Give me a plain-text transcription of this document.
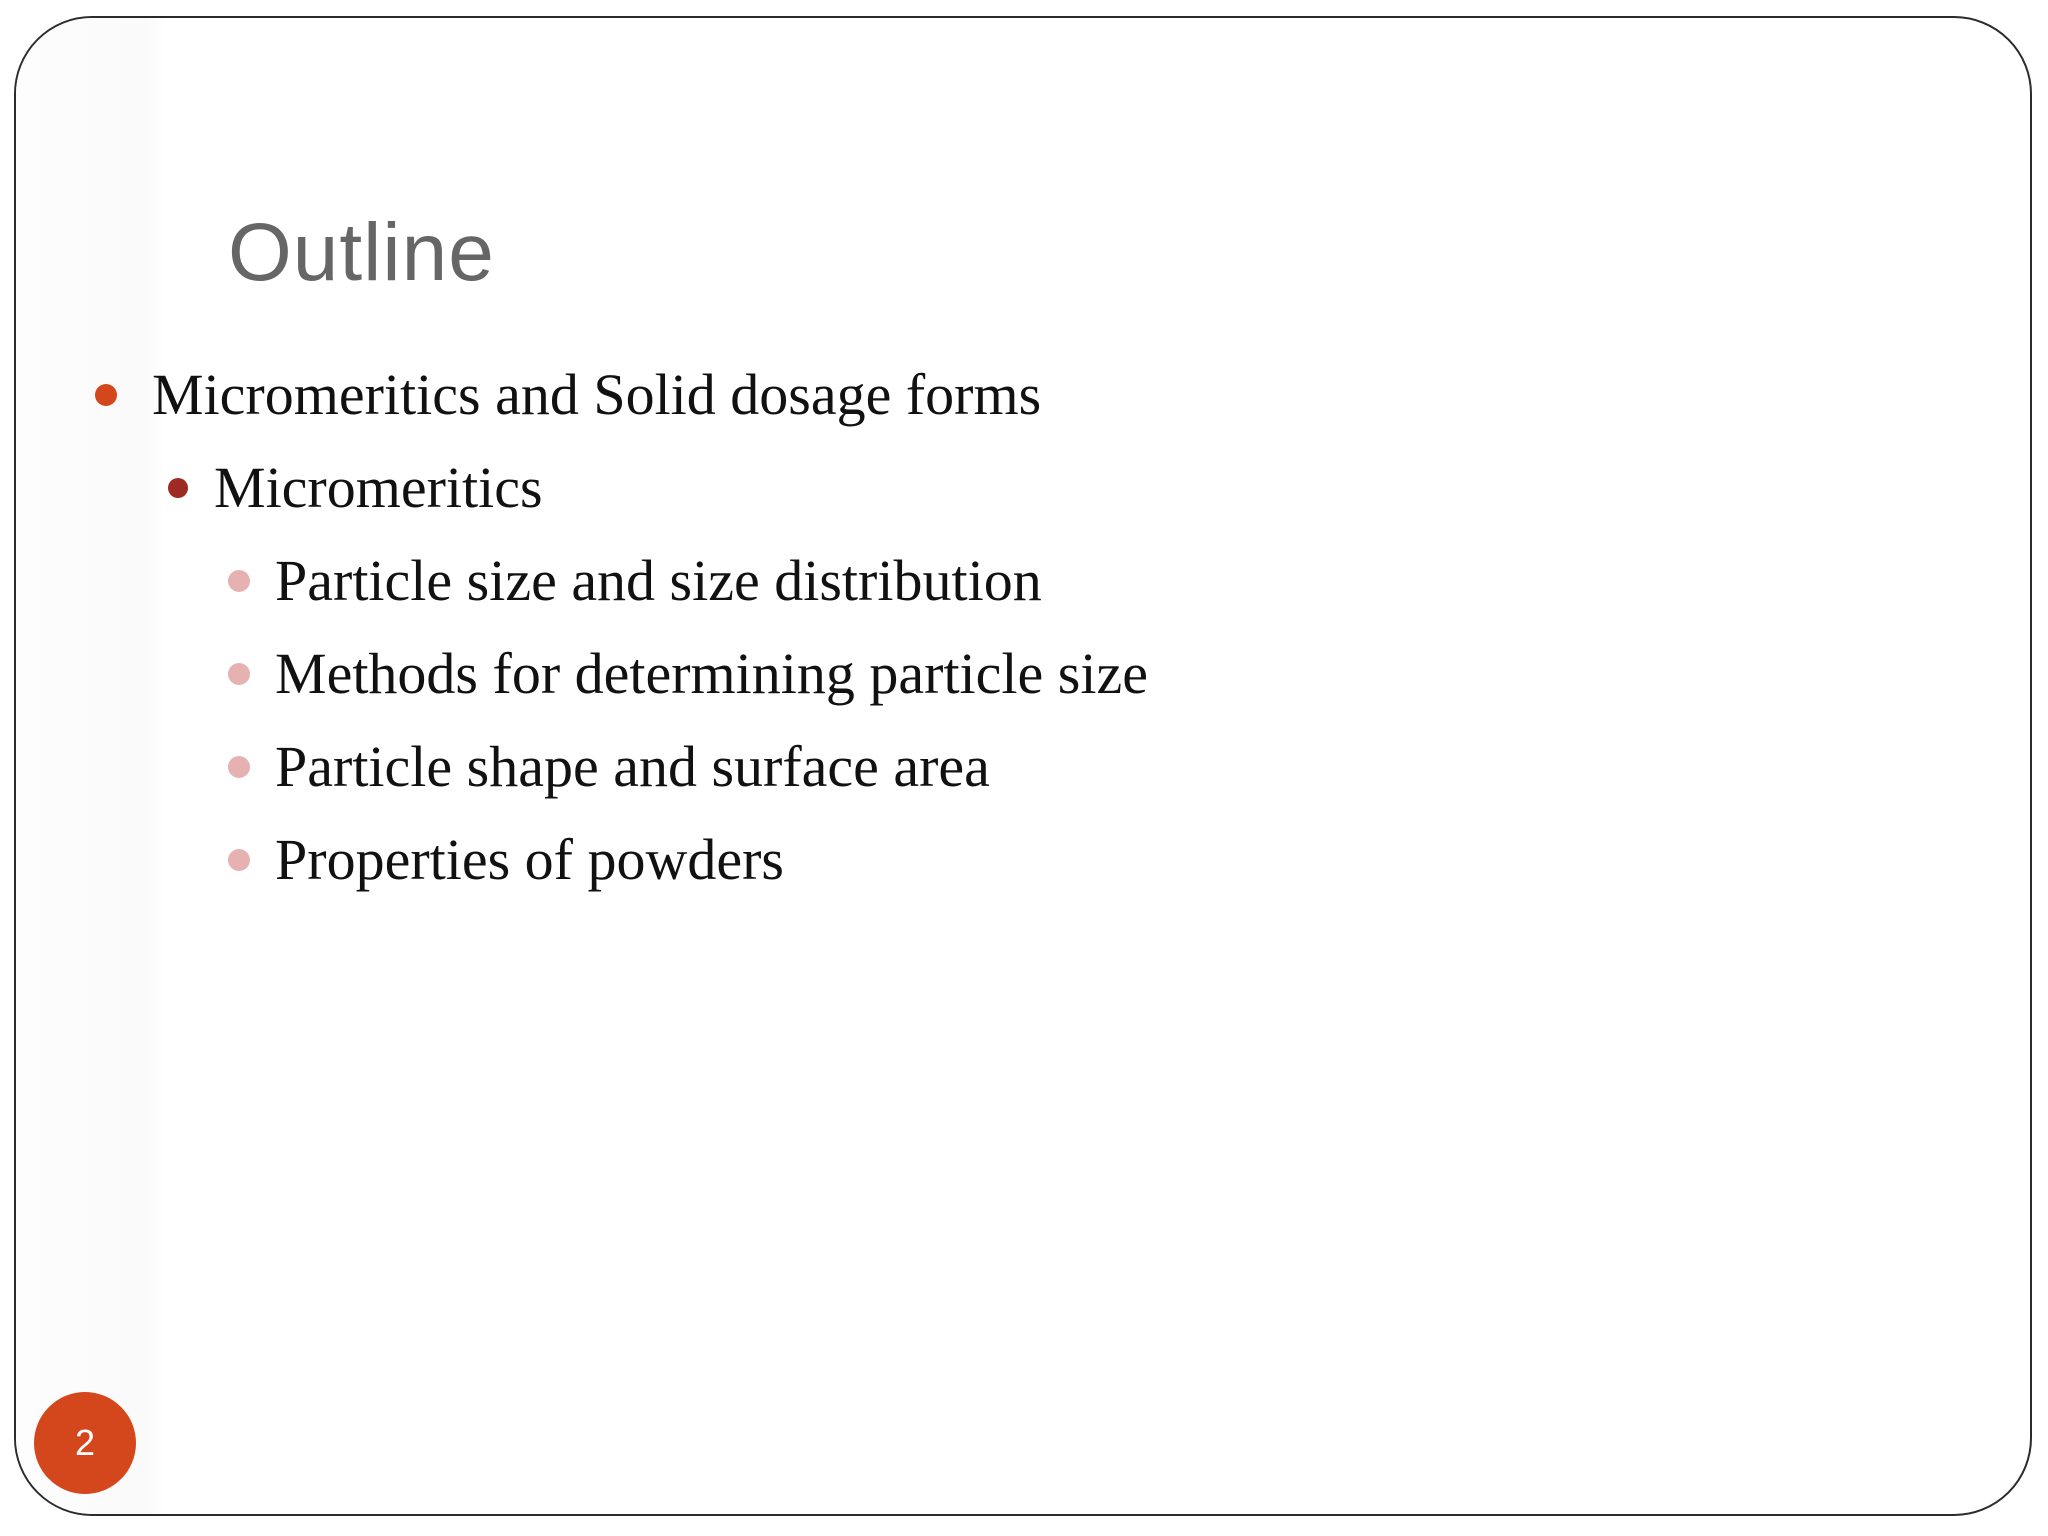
Outline
Micromeritics and Solid dosage forms
Micromeritics
Particle size and size distribution
Methods for determining particle size
Particle shape and surface area
Properties of powders
2
